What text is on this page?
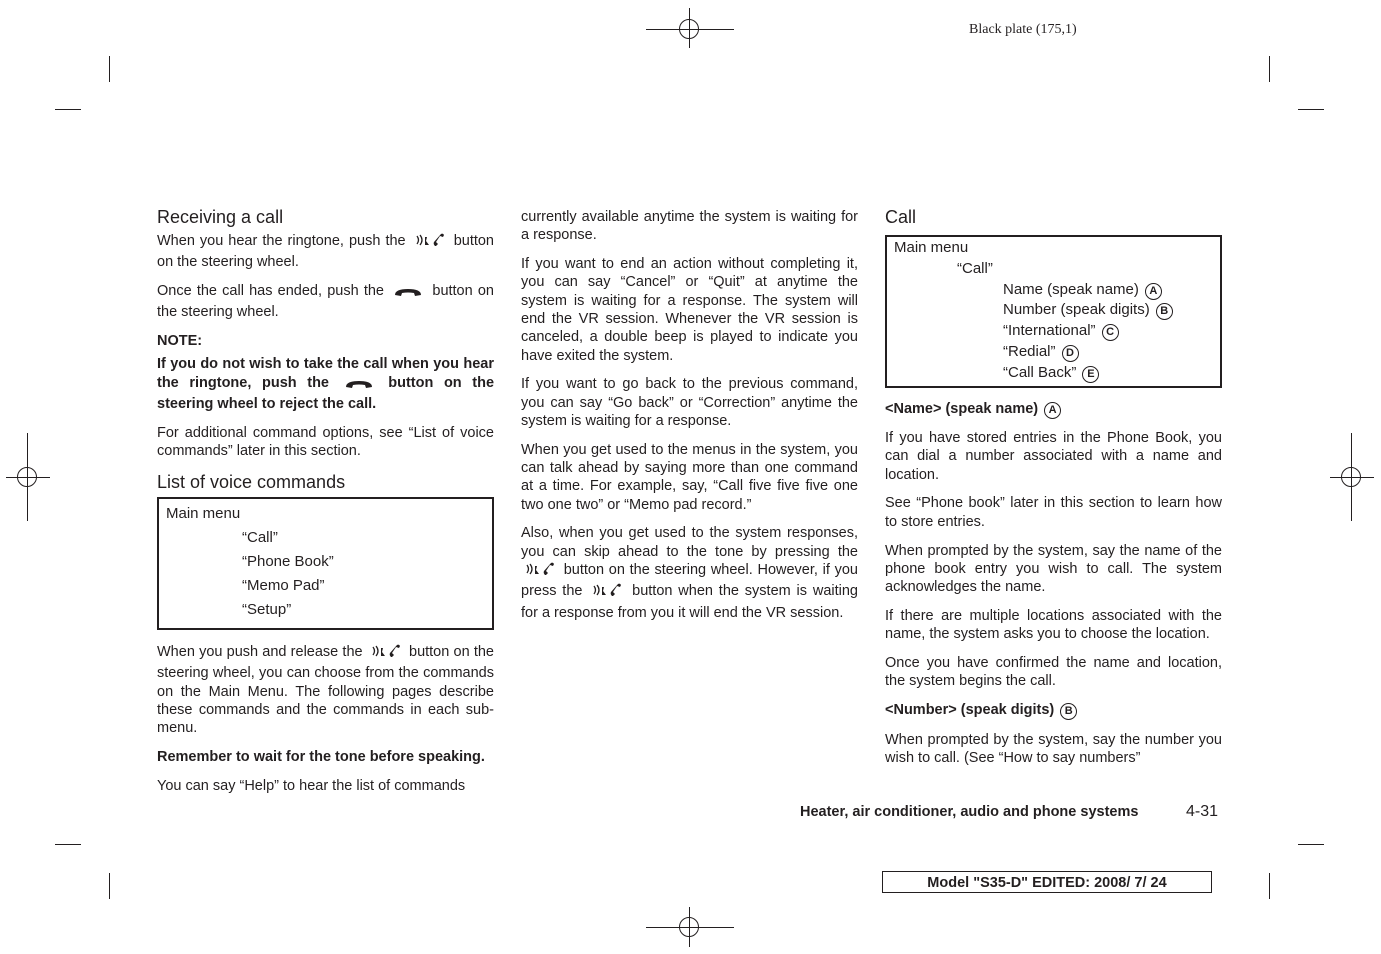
Black plate (175,1)
Receiving a call

When you hear the ringtone, push the	button on the steering wheel.

Once the call has ended, push the	button on the steering wheel.

NOTE:

If you do not wish to take the call when you hear the ringtone, push the	button on the steering wheel to reject the call.

For additional command options, see “List of voice commands” later in this section.

List of voice commands
Main menu
“Call”
“Phone Book”
“Memo Pad”
“Setup”

When you push and release the	button on the steering wheel, you can choose from the commands on the Main Menu. The following pages describe these commands and the commands in each sub-menu.

Remember to wait for the tone before speaking.

You can say “Help” to hear the list of commands

currently available anytime the system is waiting for a response.

If you want to end an action without completing it, you can say “Cancel” or “Quit” at anytime the system is waiting for a response. The system will end the VR session. Whenever the VR session is canceled, a double beep is played to indicate you have exited the system.

If you want to go back to the previous command, you can say “Go back” or “Correction” anytime the system is waiting for a response.

When you get used to the menus in the system, you can talk ahead by saying more than one command at a time. For example, say, “Call five five five one two one two” or “Memo pad record.”

Also, when you get used to the system responses, you can skip ahead to the tone by pressing the  button on the steering wheel. However, if you press the	button when the system is waiting for a response from you it will end the VR session.

Call
Main menu
“Call”
Name (speak name) A
Number (speak digits) B
“International” C
“Redial” D
“Call Back” E
<Name> (speak name) A

If you have stored entries in the Phone Book, you can dial a number associated with a name and location.

See “Phone book” later in this section to learn how to store entries.

When prompted by the system, say the name of the phone book entry you wish to call. The system acknowledges the name.

If there are multiple locations associated with the name, the system asks you to choose the location.

Once you have confirmed the name and location, the system begins the call.

<Number> (speak digits) B

When prompted by the system, say the number you wish to call. (See “How to say numbers”

Heater, air conditioner, audio and phone systems	4-31
Model "S35-D" EDITED: 2008/ 7/ 24
